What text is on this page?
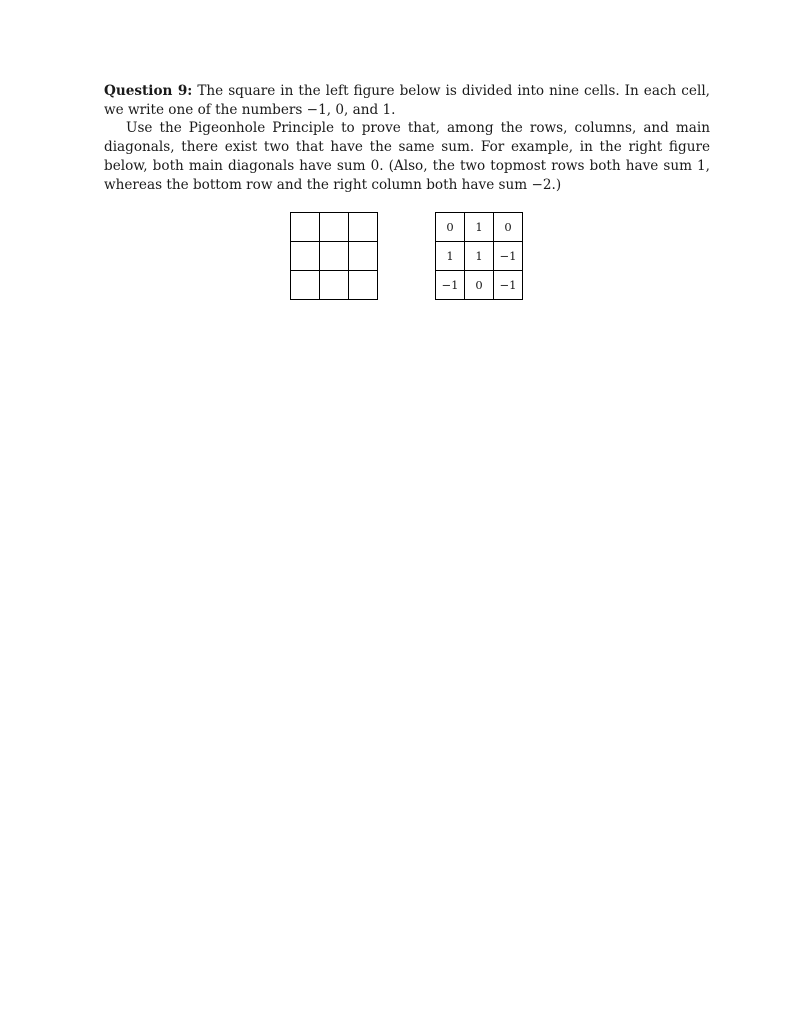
Question 9: The square in the left figure below is divided into nine cells. In each cell, we write one of the numbers −1, 0, and 1.

Use the Pigeonhole Principle to prove that, among the rows, columns, and main diagonals, there exist two that have the same sum. For example, in the right figure below, both main diagonals have sum 0. (Also, the two topmost rows both have sum 1, whereas the bottom row and the right column both have sum −2.)

0	1	0
1	1	−1
−1	0	−1
